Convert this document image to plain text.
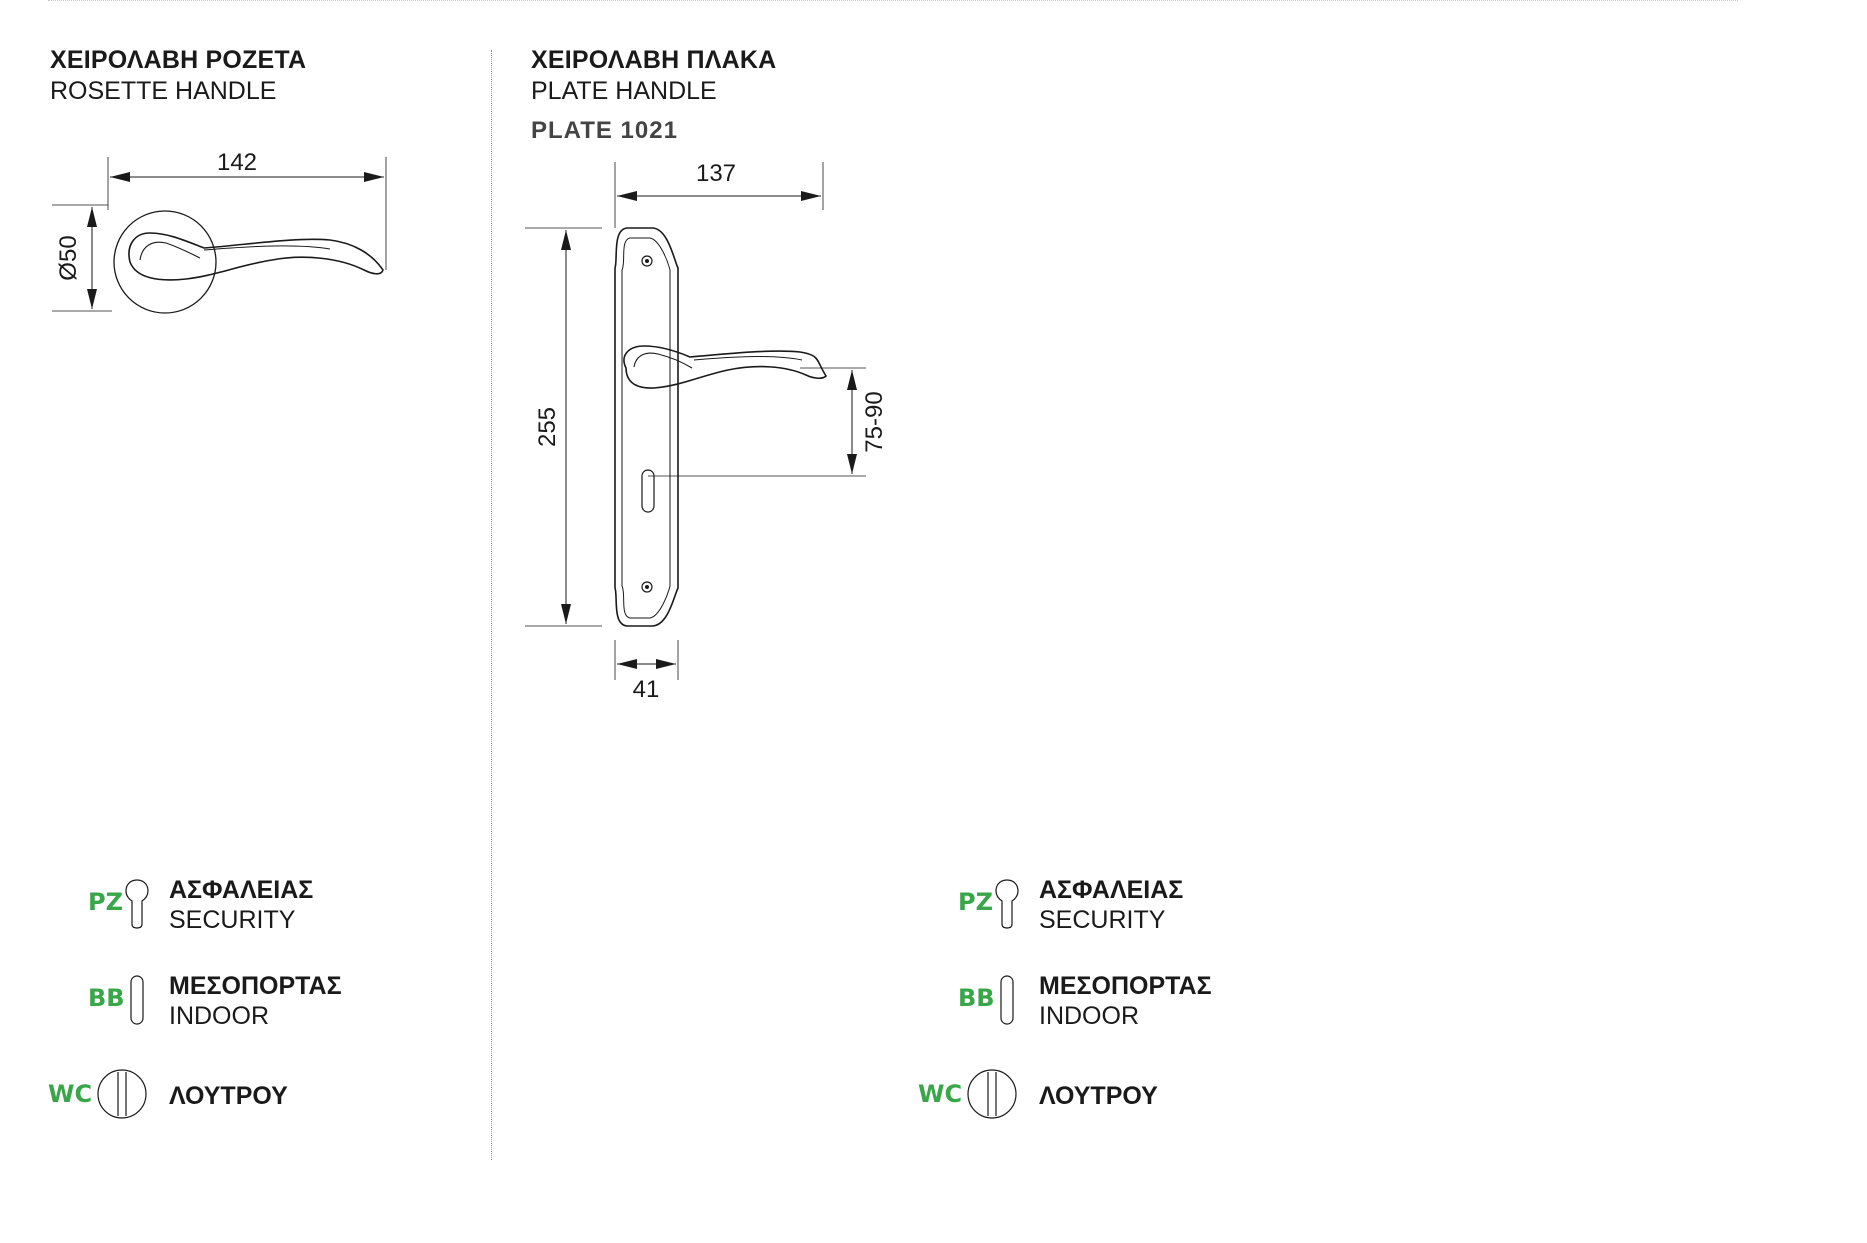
ΧΕΙΡΟΛΑΒΗ ΡΟΖΕΤΑ
ROSETTE HANDLE
ΧΕΙΡΟΛΑΒΗ ΠΛΑΚΑ
PLATE HANDLE
PLATE 1021
142
Ø50
137
255	75-90
41
PZ ΑΣΦΑΛΕΙΑΣ
SECURITY
BB ΜΕΣΟΠΟΡΤΑΣ
INDOOR
WC	ΛΟΥΤΡΟΥ
PZ ΑΣΦΑΛΕΙΑΣ
SECURITY
BB ΜΕΣΟΠΟΡΤΑΣ
INDOOR
WC	ΛΟΥΤΡΟΥ
